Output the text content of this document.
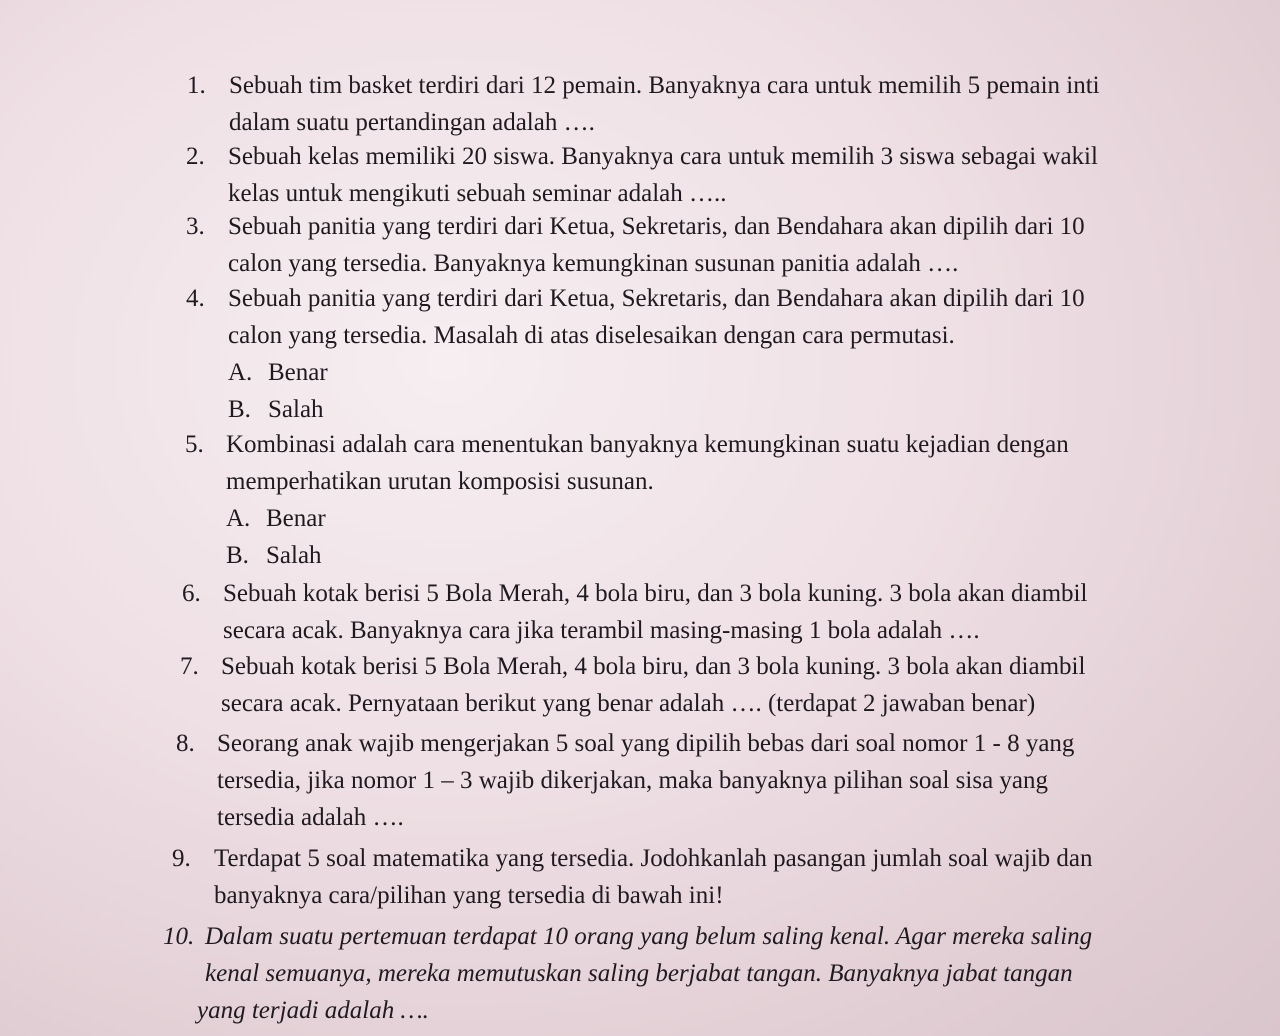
1. Sebuah tim basket terdiri dari 12 pemain. Banyaknya cara untuk memilih 5 pemain inti
dalam suatu pertandingan adalah ….
2. Sebuah kelas memiliki 20 siswa. Banyaknya cara untuk memilih 3 siswa sebagai wakil
kelas untuk mengikuti sebuah seminar adalah …..
3. Sebuah panitia yang terdiri dari Ketua, Sekretaris, dan Bendahara akan dipilih dari 10
calon yang tersedia. Banyaknya kemungkinan susunan panitia adalah ….
4. Sebuah panitia yang terdiri dari Ketua, Sekretaris, dan Bendahara akan dipilih dari 10
calon yang tersedia. Masalah di atas diselesaikan dengan cara permutasi.
A. Benar
B. Salah
5. Kombinasi adalah cara menentukan banyaknya kemungkinan suatu kejadian dengan
memperhatikan urutan komposisi susunan.
A. Benar
B. Salah
6. Sebuah kotak berisi 5 Bola Merah, 4 bola biru, dan 3 bola kuning. 3 bola akan diambil
secara acak. Banyaknya cara jika terambil masing-masing 1 bola adalah ….
7. Sebuah kotak berisi 5 Bola Merah, 4 bola biru, dan 3 bola kuning. 3 bola akan diambil
secara acak. Pernyataan berikut yang benar adalah …. (terdapat 2 jawaban benar)
8. Seorang anak wajib mengerjakan 5 soal yang dipilih bebas dari soal nomor 1 - 8 yang
tersedia, jika nomor 1 – 3 wajib dikerjakan, maka banyaknya pilihan soal sisa yang
tersedia adalah ….
9. Terdapat 5 soal matematika yang tersedia. Jodohkanlah pasangan jumlah soal wajib dan
banyaknya cara/pilihan yang tersedia di bawah ini!
10. Dalam suatu pertemuan terdapat 10 orang yang belum saling kenal. Agar mereka saling
kenal semuanya, mereka memutuskan saling berjabat tangan. Banyaknya jabat tangan
yang terjadi adalah ….
